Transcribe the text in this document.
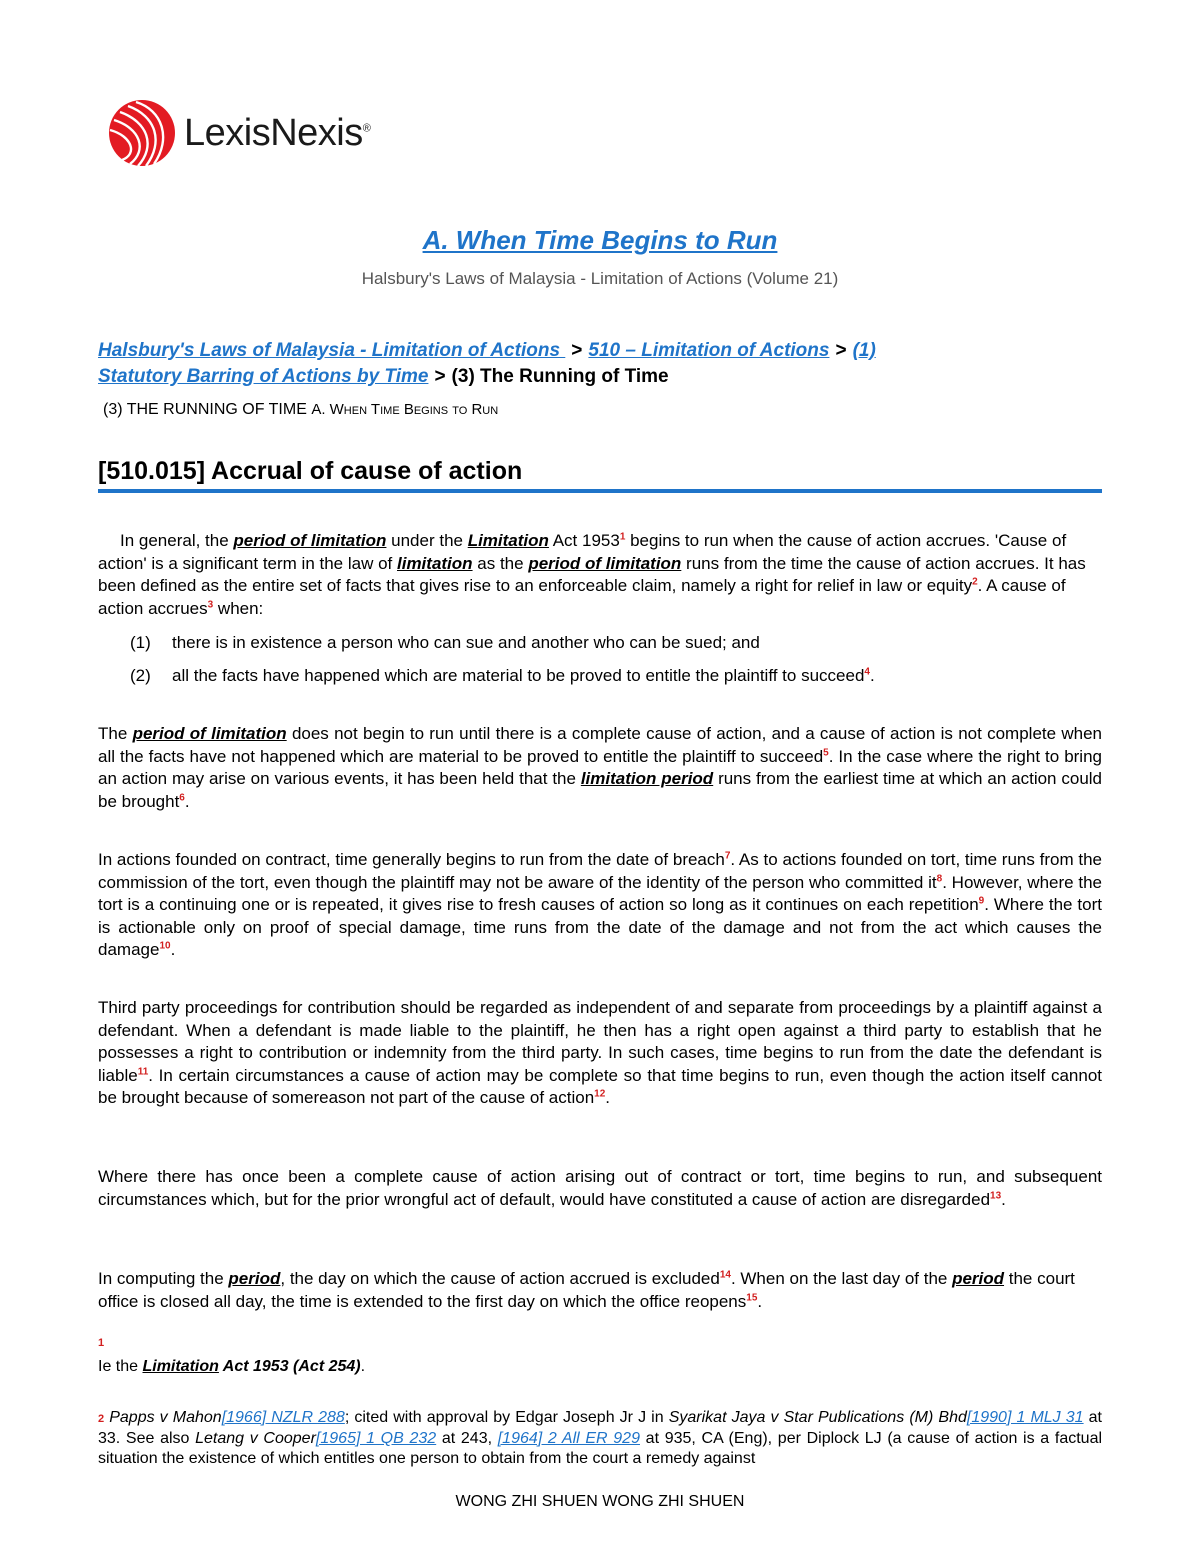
LexisNexis®
A. When Time Begins to Run
Halsbury's Laws of Malaysia - Limitation of Actions (Volume 21)
Halsbury's Laws of Malaysia - Limitation of Actions > 510 – Limitation of Actions > (1)
Statutory Barring of Actions by Time > (3) The Running of Time
(3) THE RUNNING OF TIME A. When Time Begins to Run
[510.015] Accrual of cause of action

In general, the period of limitation under the Limitation Act 1953$^1$ begins to run when the cause of action accrues. 'Cause of action' is a significant term in the law of limitation as the period of limitation runs from the time the cause of action accrues. It has been defined as the entire set of facts that gives rise to an enforceable claim, namely a right for relief in law or equity$^2$. A cause of action accrues$^3$ when:

(1) there is in existence a person who can sue and another who can be sued; and
(2) all the facts have happened which are material to be proved to entitle the plaintiff to succeed$^4$.

The period of limitation does not begin to run until there is a complete cause of action, and a cause of action is not complete when all the facts have not happened which are material to be proved to entitle the plaintiff to succeed$^5$. In the case where the right to bring an action may arise on various events, it has been held that the limitation period runs from the earliest time at which an action could be brought$^6$.

In actions founded on contract, time generally begins to run from the date of breach$^7$. As to actions founded on tort, time runs from the commission of the tort, even though the plaintiff may not be aware of the identity of the person who committed it$^8$. However, where the tort is a continuing one or is repeated, it gives rise to fresh causes of action so long as it continues on each repetition$^9$. Where the tort is actionable only on proof of special damage, time runs from the date of the damage and not from the act which causes the damage$^{10}$.

Third party proceedings for contribution should be regarded as independent of and separate from proceedings by a plaintiff against a defendant. When a defendant is made liable to the plaintiff, he then has a right open against a third party to establish that he possesses a right to contribution or indemnity from the third party. In such cases, time begins to run from the date the defendant is liable$^{11}$. In certain circumstances a cause of action may be complete so that time begins to run, even though the action itself cannot be brought because of somereason not part of the cause of action$^{12}$.

Where there has once been a complete cause of action arising out of contract or tort, time begins to run, and subsequent circumstances which, but for the prior wrongful act of default, would have constituted a cause of action are disregarded$^{13}$.

In computing the period, the day on which the cause of action accrued is excluded$^{14}$. When on the last day of the period the court office is closed all day, the time is extended to the first day on which the office reopens$^{15}$.

1
Ie the Limitation Act 1953 (Act 254).
2 Papps v Mahon[1966] NZLR 288; cited with approval by Edgar Joseph Jr J in Syarikat Jaya v Star Publications (M) Bhd[1990] 1 MLJ 31 at 33. See also Letang v Cooper[1965] 1 QB 232 at 243, [1964] 2 All ER 929 at 935, CA (Eng), per Diplock LJ (a cause of action is a factual situation the existence of which entitles one person to obtain from the court a remedy against
WONG ZHI SHUEN WONG ZHI SHUEN
